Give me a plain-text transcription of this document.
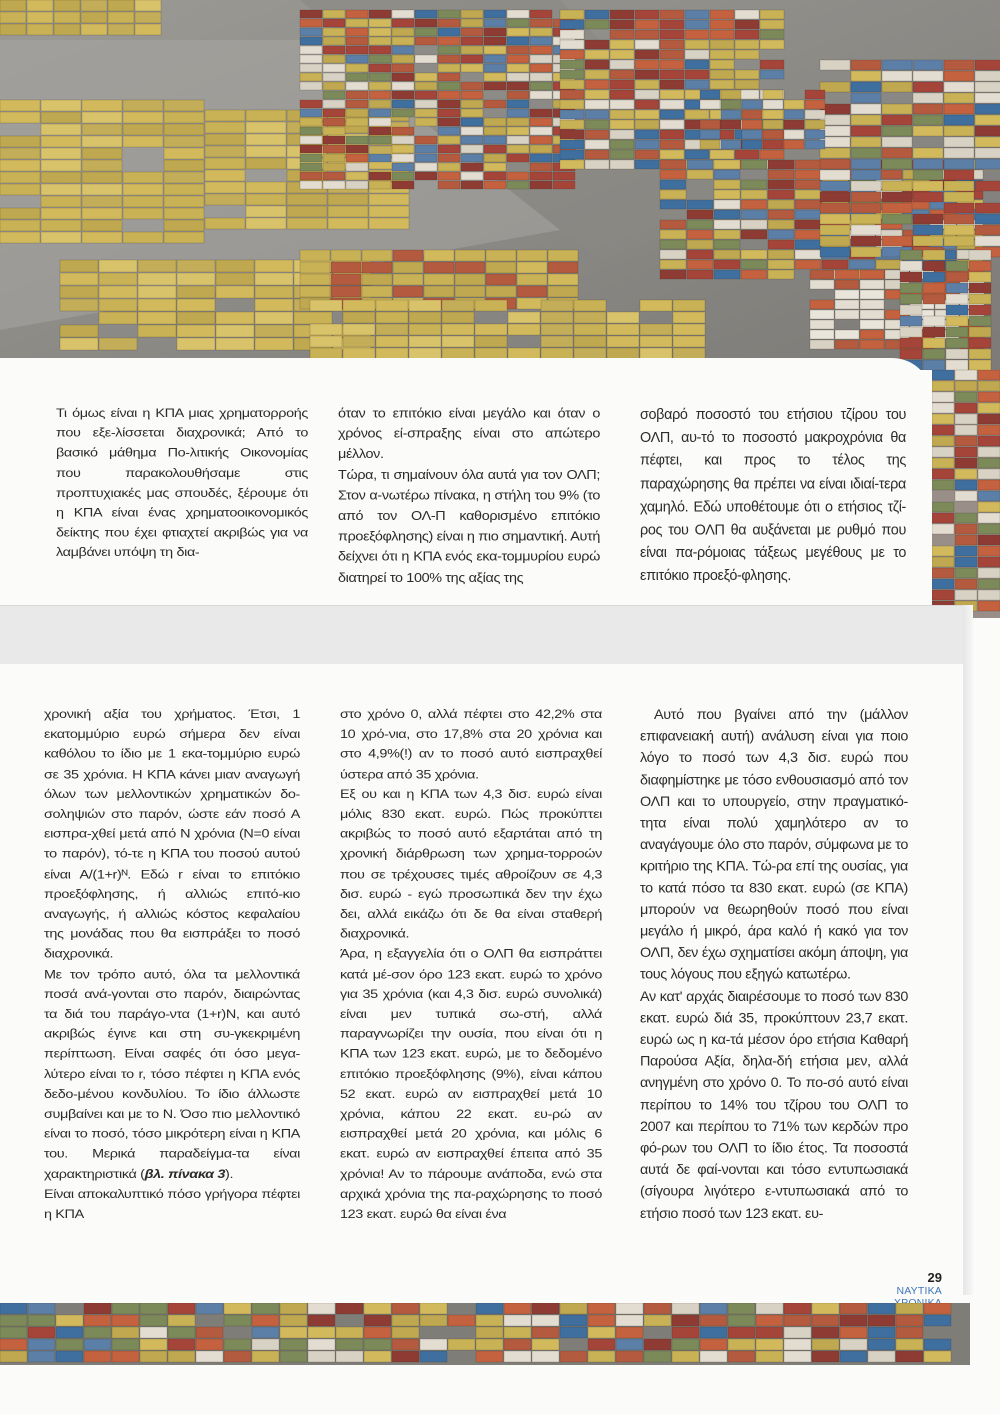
Τι όμως είναι η ΚΠΑ μιας χρηματορροής που εξε-λίσσεται διαχρονικά; Από το βασικό μάθημα Πο-λιτικής Οικονομίας που παρακολουθήσαμε στις προπτυχιακές μας σπουδές, ξέρουμε ότι η ΚΠΑ είναι ένας χρηματοοικονομικός δείκτης που έχει φτιαχτεί ακριβώς για να λαμβάνει υπόψη τη δια-

όταν το επιτόκιο είναι μεγάλο και όταν ο χρόνος εί-σπραξης είναι στο απώτερο μέλλον.

Τώρα, τι σημαίνουν όλα αυτά για τον ΟΛΠ; Στον α-νωτέρω πίνακα, η στήλη του 9% (το από τον ΟΛ-Π καθορισμένο επιτόκιο προεξόφλησης) είναι η πιο σημαντική. Αυτή δείχνει ότι η ΚΠΑ ενός εκα-τομμυρίου ευρώ διατηρεί το 100% της αξίας της

σοβαρό ποσοστό του ετήσιου τζίρου του ΟΛΠ, αυ-τό το ποσοστό μακροχρόνια θα πέφτει, και προς το τέλος της παραχώρησης θα πρέπει να είναι ιδιαί-τερα χαμηλό. Εδώ υποθέτουμε ότι ο ετήσιος τζί-ρος του ΟΛΠ θα αυξάνεται με ρυθμό που είναι πα-ρόμοιας τάξεως μεγέθους με το επιτόκιο προεξό-φλησης.

χρονική αξία του χρήματος. Έτσι, 1 εκατομμύριο ευρώ σήμερα δεν είναι καθόλου το ίδιο με 1 εκα-τομμύριο ευρώ σε 35 χρόνια. Η ΚΠΑ κάνει μιαν αναγωγή όλων των μελλοντικών χρηματικών δο-σοληψιών στο παρόν, ώστε εάν ποσό Α εισπρα-χθεί μετά από Ν χρόνια (Ν=0 είναι το παρόν), τό-τε η ΚΠΑ του ποσού αυτού είναι Α/(1+r)ᴺ. Εδώ r είναι το επιτόκιο προεξόφλησης, ή αλλιώς επιτό-κιο αναγωγής, ή αλλιώς κόστος κεφαλαίου της μονάδας που θα εισπράξει το ποσό διαχρονικά.

Με τον τρόπο αυτό, όλα τα μελλοντικά ποσά ανά-γονται στο παρόν, διαιρώντας τα διά του παράγο-ντα (1+r)Ν, και αυτό ακριβώς έγινε και στη συ-γκεκριμένη περίπτωση. Είναι σαφές ότι όσο μεγα-λύτερο είναι το r, τόσο πέφτει η ΚΠΑ ενός δεδο-μένου κονδυλίου. Το ίδιο άλλωστε συμβαίνει και με το Ν. Όσο πιο μελλοντικό είναι το ποσό, τόσο μικρότερη είναι η ΚΠΑ του. Μερικά παραδείγμα-τα είναι χαρακτηριστικά (βλ. πίνακα 3).

Είναι αποκαλυπτικό πόσο γρήγορα πέφτει η ΚΠΑ

στο χρόνο 0, αλλά πέφτει στο 42,2% στα 10 χρό-νια, στο 17,8% στα 20 χρόνια και στο 4,9%(!) αν το ποσό αυτό εισπραχθεί ύστερα από 35 χρόνια.

Εξ ου και η ΚΠΑ των 4,3 δισ. ευρώ είναι μόλις 830 εκατ. ευρώ. Πώς προκύπτει ακριβώς το ποσό αυτό εξαρτάται από τη χρονική διάρθρωση των χρημα-τορροών που σε τρέχουσες τιμές αθροίζουν σε 4,3 δισ. ευρώ - εγώ προσωπικά δεν την έχω δει, αλλά εικάζω ότι δε θα είναι σταθερή διαχρονικά.

Άρα, η εξαγγελία ότι ο ΟΛΠ θα εισπράττει κατά μέ-σον όρο 123 εκατ. ευρώ το χρόνο για 35 χρόνια (και 4,3 δισ. ευρώ συνολικά) είναι μεν τυπικά σω-στή, αλλά παραγνωρίζει την ουσία, που είναι ότι η ΚΠΑ των 123 εκατ. ευρώ, με το δεδομένο επιτόκιο προεξόφλησης (9%), είναι κάπου 52 εκατ. ευρώ αν εισπραχθεί μετά 10 χρόνια, κάπου 22 εκατ. ευ-ρώ αν εισπραχθεί μετά 20 χρόνια, και μόλις 6 εκατ. ευρώ αν εισπραχθεί έπειτα από 35 χρόνια! Αν το πάρουμε ανάποδα, ενώ στα αρχικά χρόνια της πα-ραχώρησης το ποσό 123 εκατ. ευρώ θα είναι ένα

Αυτό που βγαίνει από την (μάλλον επιφανειακή αυτή) ανάλυση είναι για ποιο λόγο το ποσό των 4,3 δισ. ευρώ που διαφημίστηκε με τόσο ενθουσιασμό από τον ΟΛΠ και το υπουργείο, στην πραγματικό-τητα είναι πολύ χαμηλότερο αν το αναγάγουμε όλο στο παρόν, σύμφωνα με το κριτήριο της ΚΠΑ. Τώ-ρα επί της ουσίας, για το κατά πόσο τα 830 εκατ. ευρώ (σε ΚΠΑ) μπορούν να θεωρηθούν ποσό που είναι μεγάλο ή μικρό, άρα καλό ή κακό για τον ΟΛΠ, δεν έχω σχηματίσει ακόμη άποψη, για τους λόγους που εξηγώ κατωτέρω.

Αν κατ' αρχάς διαιρέσουμε το ποσό των 830 εκατ. ευρώ διά 35, προκύπτουν 23,7 εκατ. ευρώ ως η κα-τά μέσον όρο ετήσια Καθαρή Παρούσα Αξία, δηλα-δή ετήσια μεν, αλλά ανηγμένη στο χρόνο 0. Το πο-σό αυτό είναι περίπου το 14% του τζίρου του ΟΛΠ το 2007 και περίπου το 71% των κερδών προ φό-ρων του ΟΛΠ το ίδιο έτος. Τα ποσοστά αυτά δε φαί-νονται και τόσο εντυπωσιακά (σίγουρα λιγότερο ε-ντυπωσιακά από το ετήσιο ποσό των 123 εκατ. ευ-

29
ΝΑΥΤΙΚΑ
